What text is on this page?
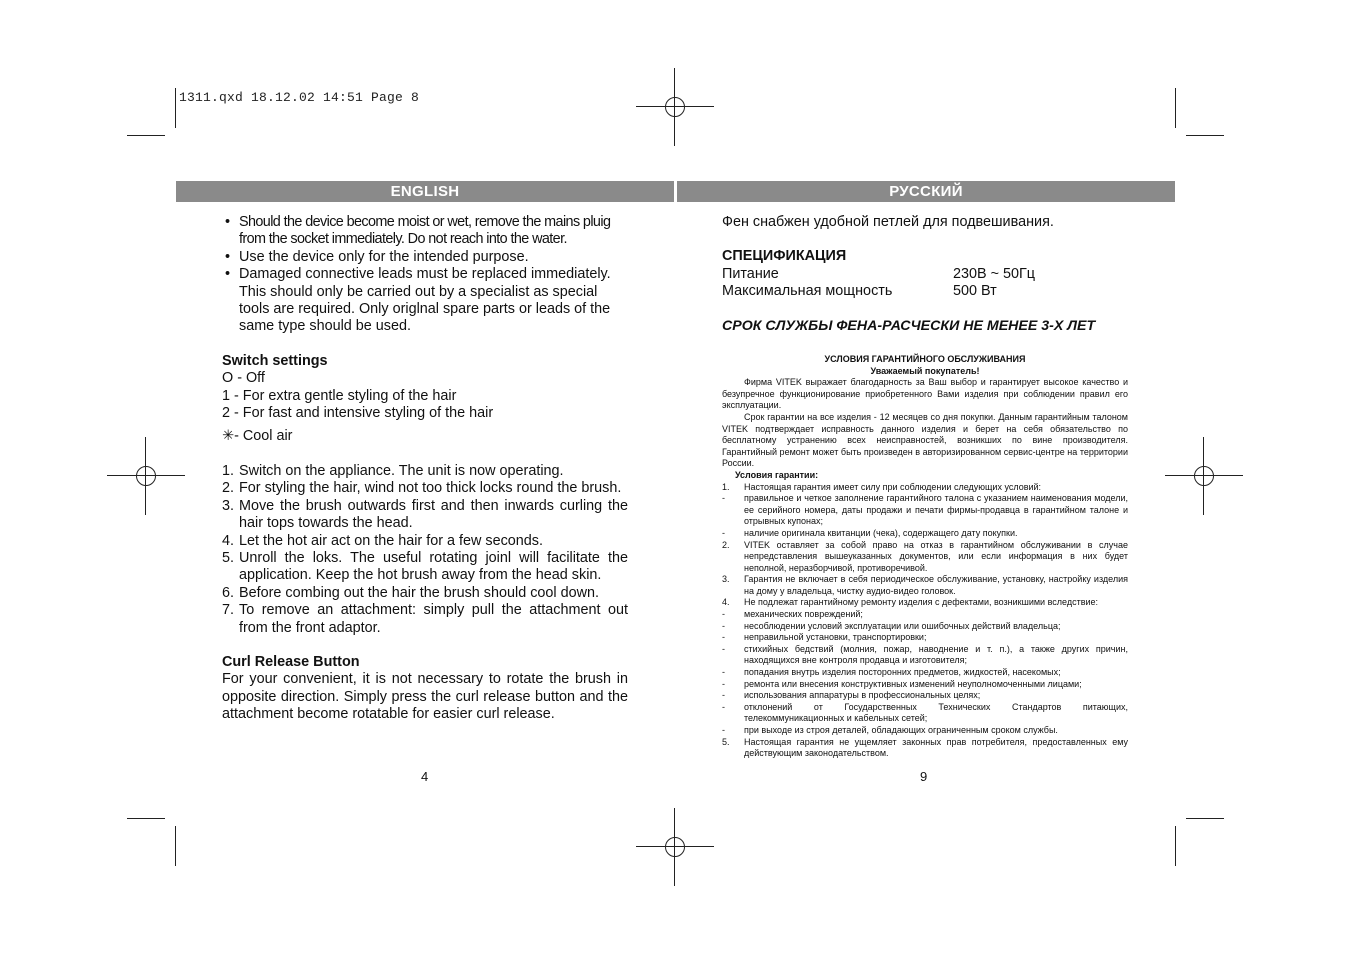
1311.qxd 18.12.02 14:51 Page 8
ENGLISH	РУССКИЙ
• Should the device become moist or wet, remove the mains pluig from the socket immediately. Do not reach into the water.
• Use the device only for the intended purpose.
• Damaged connective leads must be replaced immediately. This should only be carried out by a specialist as special tools are required. Only origlnal spare parts or leads of the same type should be used.
Switch settings
O - Off
1 - For extra gentle styling of the hair
2 - For fast and intensive styling of the hair
✳- Cool air
1. Switch on the appliance. The unit is now operating.
2. For styling the hair, wind not too thick locks round the brush.
3. Move the brush outwards first and then inwards curling the hair tops towards the head.
4. Let the hot air act on the hair for a few seconds.
5. Unroll the loks. The useful rotating joinl will facilitate the application. Keep the hot brush away from the head skin.
6. Before combing out the hair the brush should cool down.
7. To remove an attachment: simply pull the attachment out from the front adaptor.
Curl Release Button
For your convenient, it is not necessary to rotate the brush in opposite direction. Simply press the curl release button and the attachment become rotatable for easier curl release.
4
Фен снабжен удобной петлей для подвешивания.
СПЕЦИФИКАЦИЯ
Питание	230В ~ 50Гц
Максимальная мощность	500 Вт
СРОК СЛУЖБЫ ФЕНА-РАСЧЕСКИ НЕ МЕНЕЕ 3-Х ЛЕТ
УСЛОВИЯ ГАРАНТИЙНОГО ОБСЛУЖИВАНИЯ
Уважаемый покупатель!

Фирма VITEK выражает благодарность за Ваш выбор и гарантирует высокое качество и безупречное функционирование приобретенного Вами изделия при соблюдении правил его эксплуатации.

Срок гарантии на все изделия - 12 месяцев со дня покупки. Данным гарантийным талоном VITEK подтверждает исправность данного изделия и берет на себя обязательство по бесплатному устранению всех неисправностей, возникших по вине производителя. Гарантийный ремонт может быть произведен в авторизированном сервис-центре на территории России.

Условия гарантии:
1. Настоящая гарантия имеет силу при соблюдении следующих условий:
- правильное и четкое заполнение гарантийного талона с указанием наименования модели, ее серийного номера, даты продажи и печати фирмы-продавца в гарантийном талоне и отрывных купонах;
- наличие оригинала квитанции (чека), содержащего дату покупки.
2. VITEK оставляет за собой право на отказ в гарантийном обслуживании в случае непредставления вышеуказанных документов, или если информация в них будет неполной, неразборчивой, противоречивой.
3. Гарантия не включает в себя периодическое обслуживание, установку, настройку изделия на дому у владельца, чистку аудио-видео головок.
4. Не подлежат гарантийному ремонту изделия с дефектами, возникшими вследствие:
- механических повреждений;
- несоблюдении условий эксплуатации или ошибочных действий владельца;
- неправильной установки, транспортировки;
- стихийных бедствий (молния, пожар, наводнение и т. п.), а также других причин, находящихся вне контроля продавца и изготовителя;
- попадания внутрь изделия посторонних предметов, жидкостей, насекомых;
- ремонта или внесения конструктивных изменений неуполномоченными лицами;
- использования аппаратуры в профессиональных целях;
- отклонений от Государственных Технических Стандартов питающих, телекоммуникационных и кабельных сетей;
- при выходе из строя деталей, обладающих ограниченным сроком службы.
5. Настоящая гарантия не ущемляет законных прав потребителя, предоставленных ему действующим законодательством.
9
